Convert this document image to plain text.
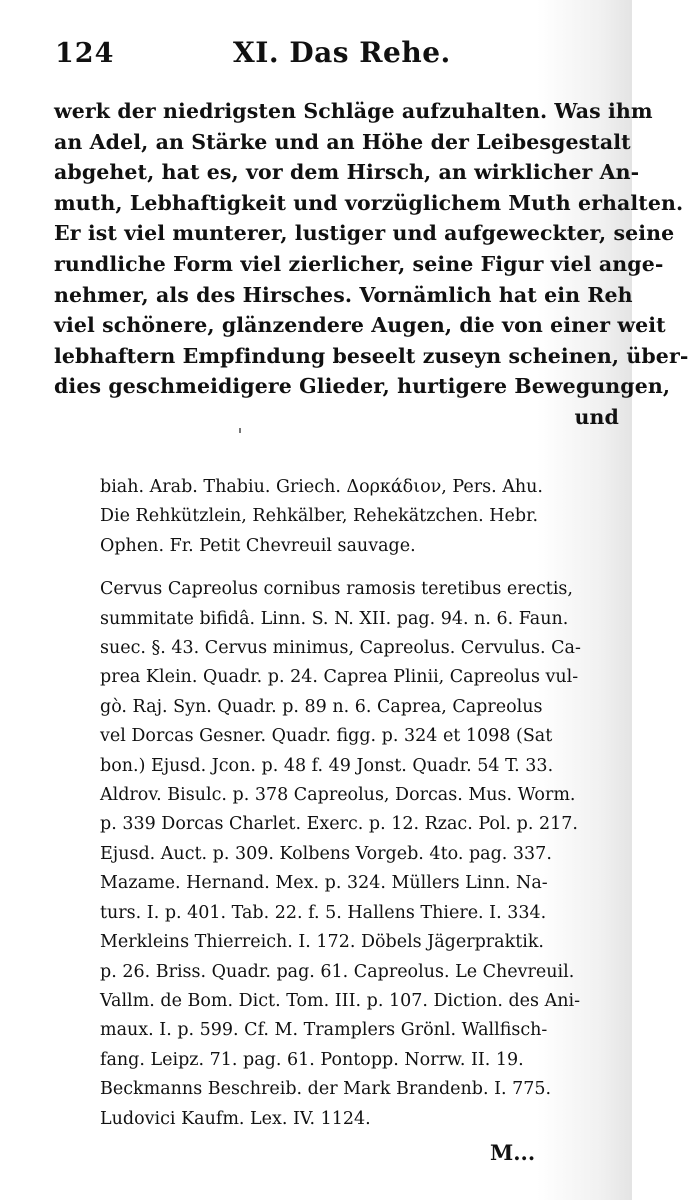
124	XI. Das Rehe.
werk der niedrigsten Schläge aufzuhalten. Was ihm
an Adel, an Stärke und an Höhe der Leibesgestalt
abgehet, hat es, vor dem Hirsch, an wirklicher An-
muth, Lebhaftigkeit und vorzüglichem Muth erhalten.
Er ist viel munterer, lustiger und aufgeweckter, seine
rundliche Form viel zierlicher, seine Figur viel ange-
nehmer, als des Hirsches. Vornämlich hat ein Reh
viel schönere, glänzendere Augen, die von einer weit
lebhaftern Empfindung beseelt zuseyn scheinen, über-
dies geschmeidigere Glieder, hurtigere Bewegungen,
und
biah. Arab. Thabiu. Griech. Δορκάδιον, Pers. Ahu.
Die Rehkützlein, Rehkälber, Rehekätzchen. Hebr.
Ophen. Fr. Petit Chevreuil sauvage.
Cervus Capreolus cornibus ramosis teretibus erectis,
summitate bifidâ. Linn. S. N. XII. pag. 94. n. 6. Faun.
suec. §. 43. Cervus minimus, Capreolus. Cervulus. Ca-
prea Klein. Quadr. p. 24. Caprea Plinii, Capreolus vul-
gò. Raj. Syn. Quadr. p. 89 n. 6. Caprea, Capreolus
vel Dorcas Gesner. Quadr. figg. p. 324 et 1098 (Sat
bon.) Ejusd. Jcon. p. 48 f. 49 Jonst. Quadr. 54 T. 33.
Aldrov. Bisulc. p. 378 Capreolus, Dorcas. Mus. Worm.
p. 339 Dorcas Charlet. Exerc. p. 12. Rzac. Pol. p. 217.
Ejusd. Auct. p. 309. Kolbens Vorgeb. 4to. pag. 337.
Mazame. Hernand. Mex. p. 324. Müllers Linn. Na-
turs. I. p. 401. Tab. 22. f. 5. Hallens Thiere. I. 334.
Merkleins Thierreich. I. 172. Döbels Jägerpraktik.
p. 26. Briss. Quadr. pag. 61. Capreolus. Le Chevreuil.
Vallm. de Bom. Dict. Tom. III. p. 107. Diction. des Ani-
maux. I. p. 599. Cf. M. Tramplers Grönl. Wallfisch-
fang. Leipz. 71. pag. 61. Pontopp. Norrw. II. 19.
Beckmanns Beschreib. der Mark Brandenb. I. 775.
Ludovici Kaufm. Lex. IV. 1124.
M...
